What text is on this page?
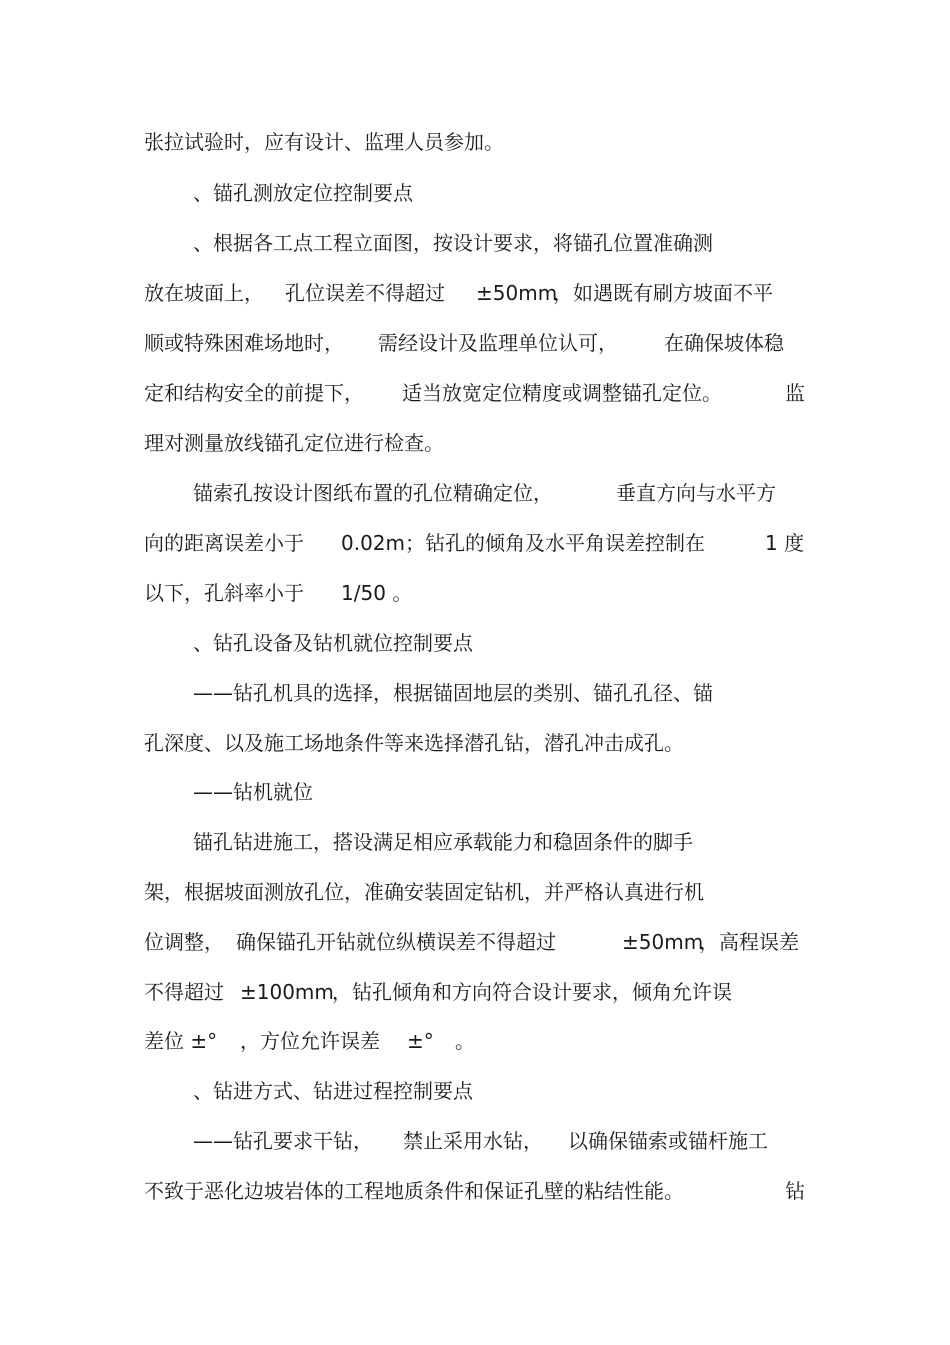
张拉试验时，应有设计、监理人员参加。

、锚孔测放定位控制要点

、根据各工点工程立面图，按设计要求，将锚孔位置准确测

放在坡面上，

孔位误差不得超过

±50mm

，如遇既有刷方坡面不平

顺或特殊困难场地时，

需经设计及监理单位认可，

在确保坡体稳

定和结构安全的前提下，

适当放宽定位精度或调整锚孔定位。

	监

理对测量放线锚孔定位进行检查。

锚索孔按设计图纸布置的孔位精确定位，

	垂直方向与水平方

向的距离误差小于

0.02m；钻孔的倾角及水平角误差控制在

	1 度

以下，孔斜率小于

1/50 。

、钻孔设备及钻机就位控制要点

——钻孔机具的选择，根据锚固地层的类别、锚孔孔径、锚

孔深度、以及施工场地条件等来选择潜孔钻，潜孔冲击成孔。

——钻机就位

锚孔钻进施工，搭设满足相应承载能力和稳固条件的脚手

架，根据坡面测放孔位，准确安装固定钻机，并严格认真进行机

位调整，

确保锚孔开钻就位纵横误差不得超过

	±50mm

，高程误差

不得超过

±100mm

，钻孔倾角和方向符合设计要求，倾角允许误

差位 ±°

，方位允许误差

±°

。

、钻进方式、钻进过程控制要点

——钻孔要求干钻，

禁止采用水钻，

以确保锚索或锚杆施工

不致于恶化边坡岩体的工程地质条件和保证孔壁的粘结性能。

	钻
